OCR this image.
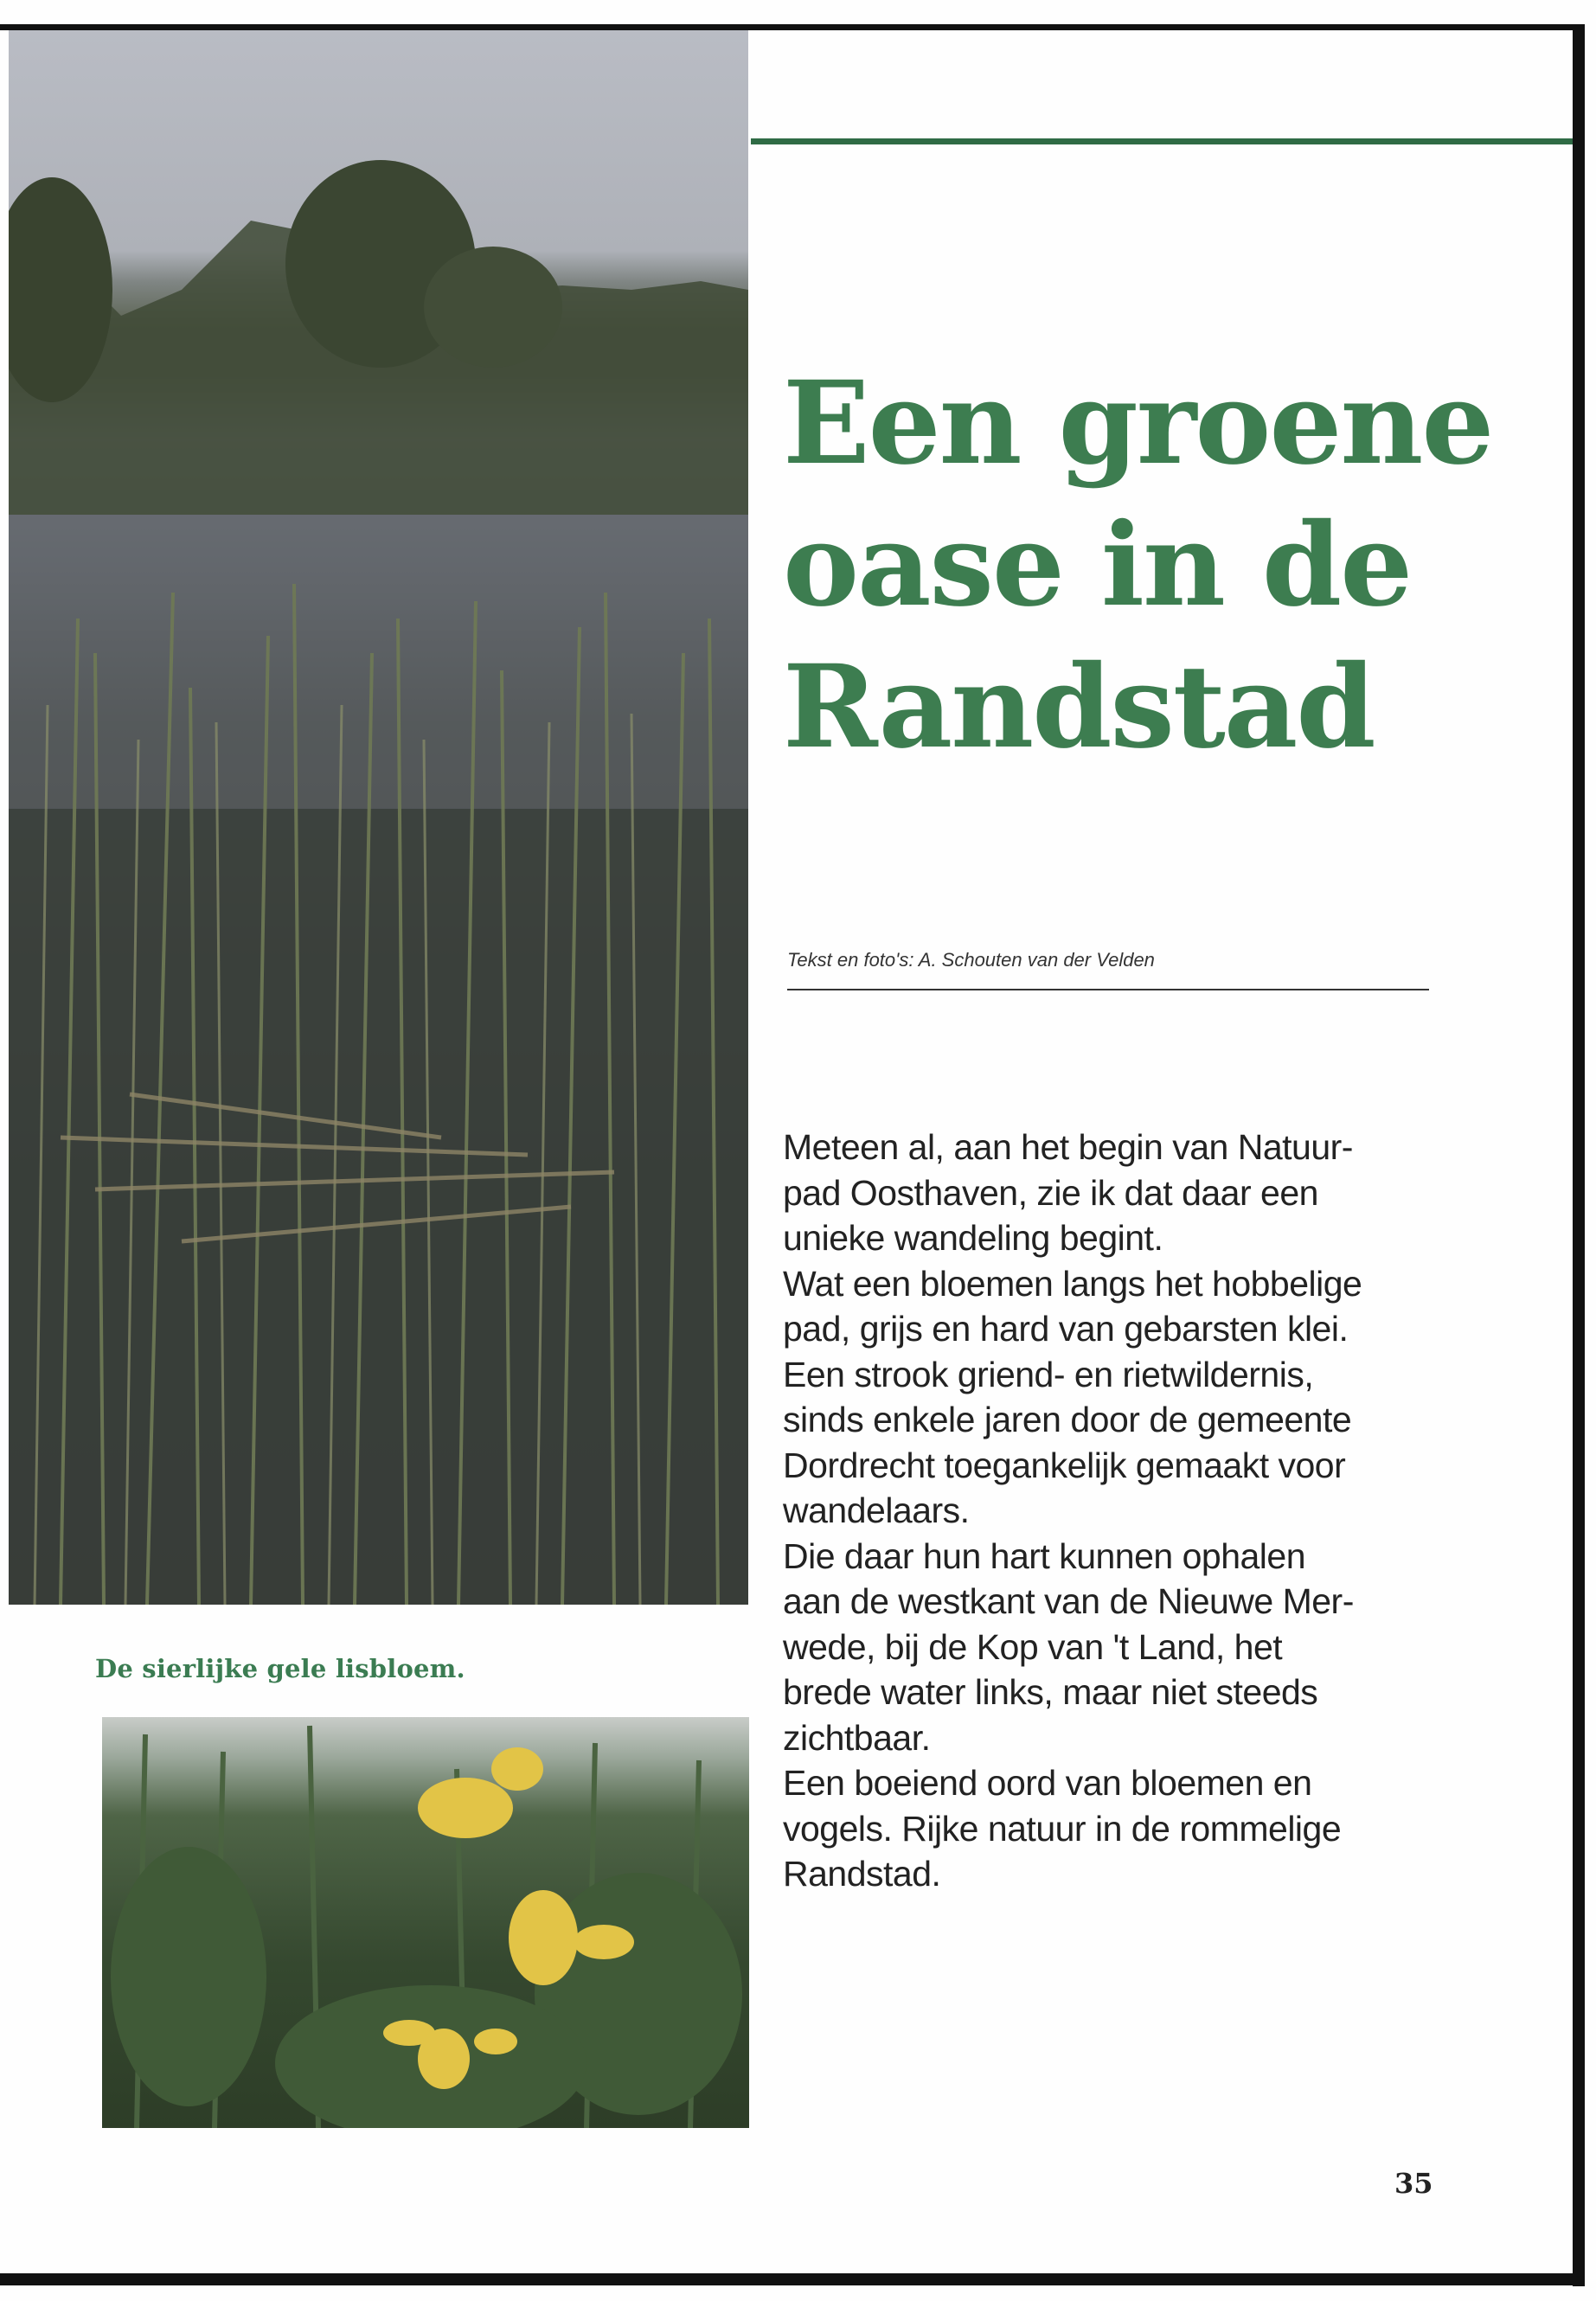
De sierlijke gele lisbloem.
Een groene
oase in de
Randstad
Tekst en foto's: A. Schouten van der Velden
Meteen al, aan het begin van Natuur-
pad Oosthaven, zie ik dat daar een
unieke wandeling begint.
Wat een bloemen langs het hobbelige
pad, grijs en hard van gebarsten klei.
Een strook griend- en rietwildernis,
sinds enkele jaren door de gemeente
Dordrecht toegankelijk gemaakt voor
wandelaars.
Die daar hun hart kunnen ophalen
aan de westkant van de Nieuwe Mer-
wede, bij de Kop van 't Land, het
brede water links, maar niet steeds
zichtbaar.
Een boeiend oord van bloemen en
vogels. Rijke natuur in de rommelige
Randstad.
35
